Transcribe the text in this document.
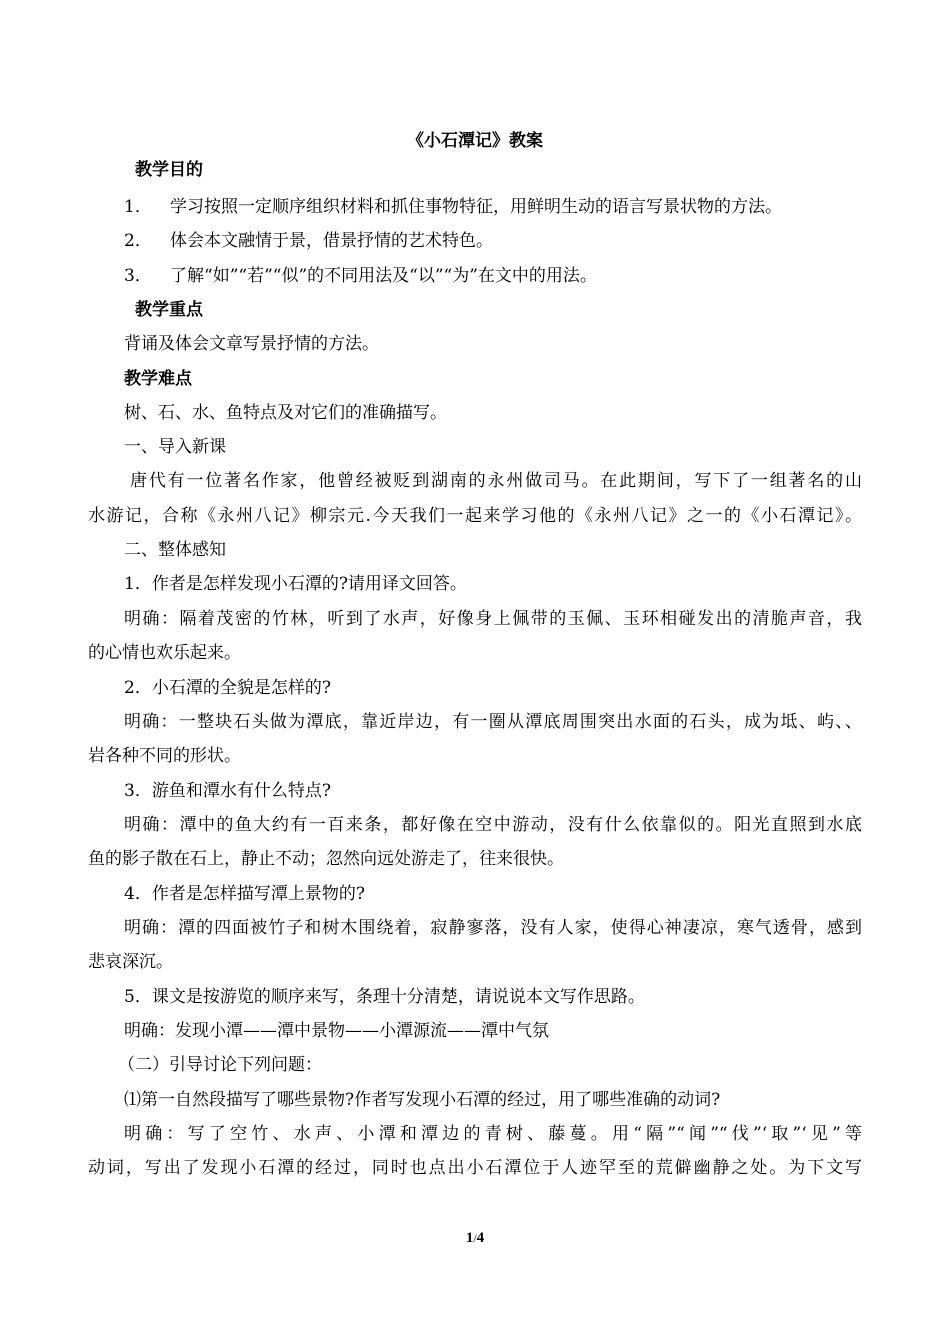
《小石潭记》教案
教学目的
1． 学习按照一定顺序组织材料和抓住事物特征，用鲜明生动的语言写景状物的方法。
2． 体会本文融情于景，借景抒情的艺术特色。
3． 了解“如”“若”“似”的不同用法及“以”“为”在文中的用法。
教学重点
背诵及体会文章写景抒情的方法。
教学难点
树、石、水、鱼特点及对它们的准确描写。
一、导入新课
唐代有一位著名作家，他曾经被贬到湖南的永州做司马。在此期间，写下了一组著名的山
水游记，合称《永州八记》柳宗元.今天我们一起来学习他的《永州八记》之一的《小石潭记》。
二、整体感知
1．作者是怎样发现小石潭的?请用译文回答。
明确：隔着茂密的竹林，听到了水声，好像身上佩带的玉佩、玉环相碰发出的清脆声音，我
的心情也欢乐起来。
2．小石潭的全貌是怎样的?
明确：一整块石头做为潭底，靠近岸边，有一圈从潭底周围突出水面的石头，成为坻、屿、、
岩各种不同的形状。
3．游鱼和潭水有什么特点?
明确：潭中的鱼大约有一百来条，都好像在空中游动，没有什么依靠似的。阳光直照到水底
鱼的影子散在石上，静止不动；忽然向远处游走了，往来很快。
4．作者是怎样描写潭上景物的?
明确：潭的四面被竹子和树木围绕着，寂静寥落，没有人家，使得心神凄凉，寒气透骨，感到
悲哀深沉。
5．课文是按游览的顺序来写，条理十分清楚，请说说本文写作思路。
明确：发现小潭——潭中景物——小潭源流——潭中气氛
（二）引导讨论下列问题：
⑴第一自然段描写了哪些景物?作者写发现小石潭的经过，用了哪些准确的动词?
明确：写了空竹、水声、小潭和潭边的青树、藤蔓。用“隔”“闻”“伐”‘取”‘见”等
动词，写出了发现小石潭的经过，同时也点出小石潭位于人迹罕至的荒僻幽静之处。为下文写
1/4
